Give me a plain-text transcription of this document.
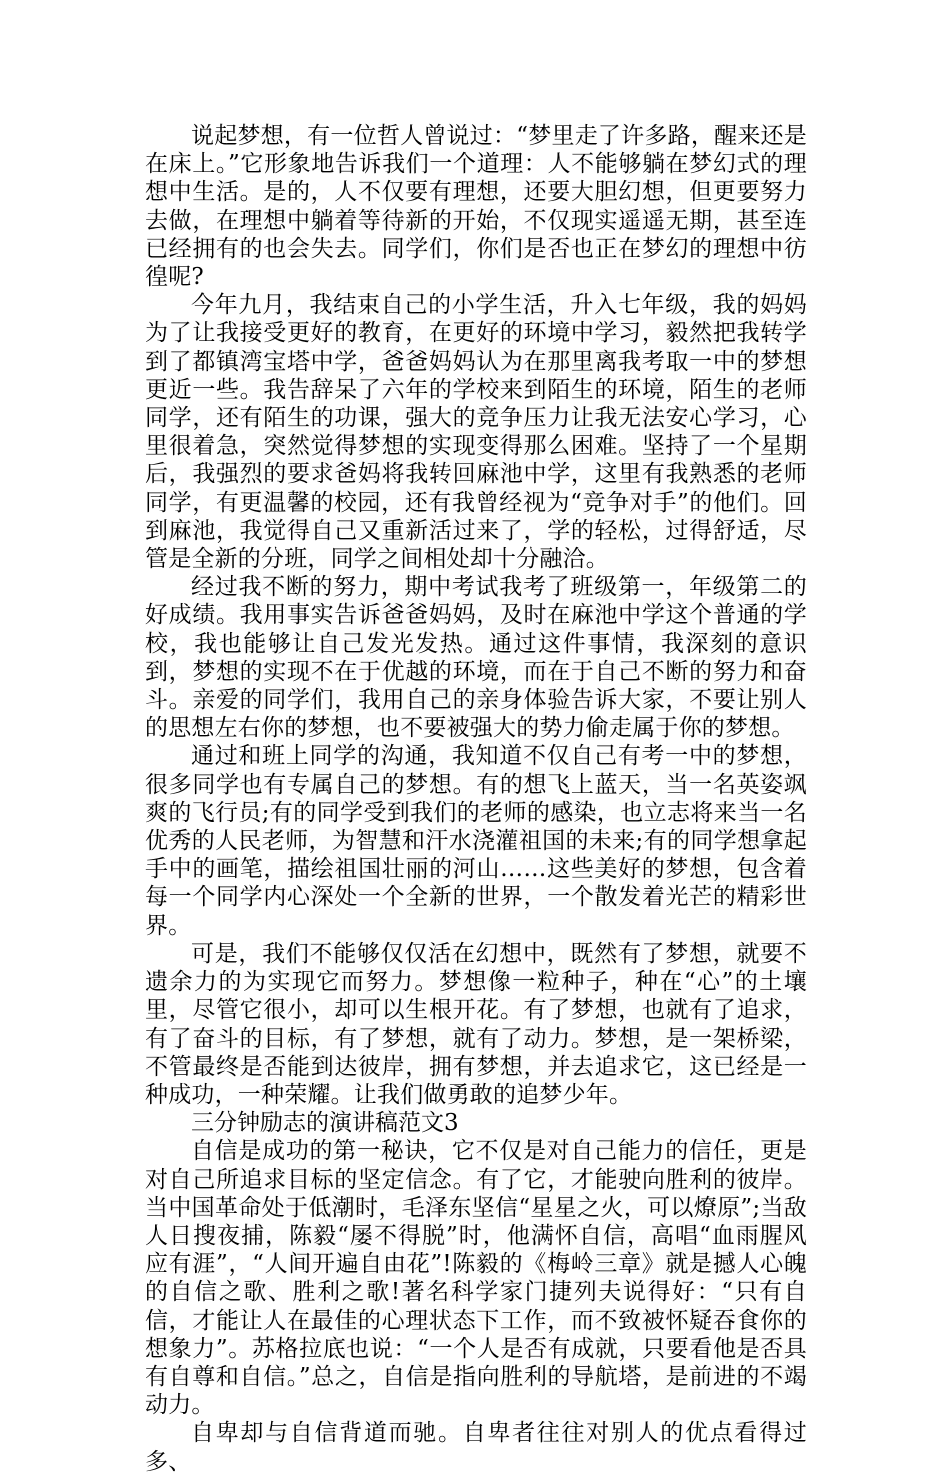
说起梦想，有一位哲人曾说过：“梦里走了许多路，醒来还是在床上。”它形象地告诉我们一个道理：人不能够躺在梦幻式的理想中生活。是的，人不仅要有理想，还要大胆幻想，但更要努力去做，在理想中躺着等待新的开始，不仅现实遥遥无期，甚至连已经拥有的也会失去。同学们，你们是否也正在梦幻的理想中彷徨呢?

今年九月，我结束自己的小学生活，升入七年级，我的妈妈为了让我接受更好的教育，在更好的环境中学习，毅然把我转学到了都镇湾宝塔中学，爸爸妈妈认为在那里离我考取一中的梦想更近一些。我告辞呆了六年的学校来到陌生的环境，陌生的老师同学，还有陌生的功课，强大的竞争压力让我无法安心学习，心里很着急，突然觉得梦想的实现变得那么困难。坚持了一个星期后，我强烈的要求爸妈将我转回麻池中学，这里有我熟悉的老师同学，有更温馨的校园，还有我曾经视为“竞争对手”的他们。回到麻池，我觉得自己又重新活过来了，学的轻松，过得舒适，尽管是全新的分班，同学之间相处却十分融洽。

经过我不断的努力，期中考试我考了班级第一，年级第二的好成绩。我用事实告诉爸爸妈妈，及时在麻池中学这个普通的学校，我也能够让自己发光发热。通过这件事情，我深刻的意识到，梦想的实现不在于优越的环境，而在于自己不断的努力和奋斗。亲爱的同学们，我用自己的亲身体验告诉大家，不要让别人的思想左右你的梦想，也不要被强大的势力偷走属于你的梦想。

通过和班上同学的沟通，我知道不仅自己有考一中的梦想，很多同学也有专属自己的梦想。有的想飞上蓝天，当一名英姿飒爽的飞行员;有的同学受到我们的老师的感染，也立志将来当一名优秀的人民老师，为智慧和汗水浇灌祖国的未来;有的同学想拿起手中的画笔，描绘祖国壮丽的河山……这些美好的梦想，包含着每一个同学内心深处一个全新的世界，一个散发着光芒的精彩世界。

可是，我们不能够仅仅活在幻想中，既然有了梦想，就要不遗余力的为实现它而努力。梦想像一粒种子，种在“心”的土壤里，尽管它很小，却可以生根开花。有了梦想，也就有了追求，有了奋斗的目标，有了梦想，就有了动力。梦想，是一架桥梁，不管最终是否能到达彼岸，拥有梦想，并去追求它，这已经是一种成功，一种荣耀。让我们做勇敢的追梦少年。

三分钟励志的演讲稿范文3

自信是成功的第一秘诀，它不仅是对自己能力的信任，更是对自己所追求目标的坚定信念。有了它，才能驶向胜利的彼岸。当中国革命处于低潮时，毛泽东坚信“星星之火，可以燎原”;当敌人日搜夜捕，陈毅“屡不得脱”时，他满怀自信，高唱“血雨腥风应有涯”，“人间开遍自由花”!陈毅的《梅岭三章》就是撼人心魄的自信之歌、胜利之歌!著名科学家门捷列夫说得好：“只有自信，才能让人在最佳的心理状态下工作，而不致被怀疑吞食你的想象力”。苏格拉底也说：“一个人是否有成就，只要看他是否具有自尊和自信。”总之，自信是指向胜利的导航塔，是前进的不竭动力。

自卑却与自信背道而驰。自卑者往往对别人的优点看得过多、
